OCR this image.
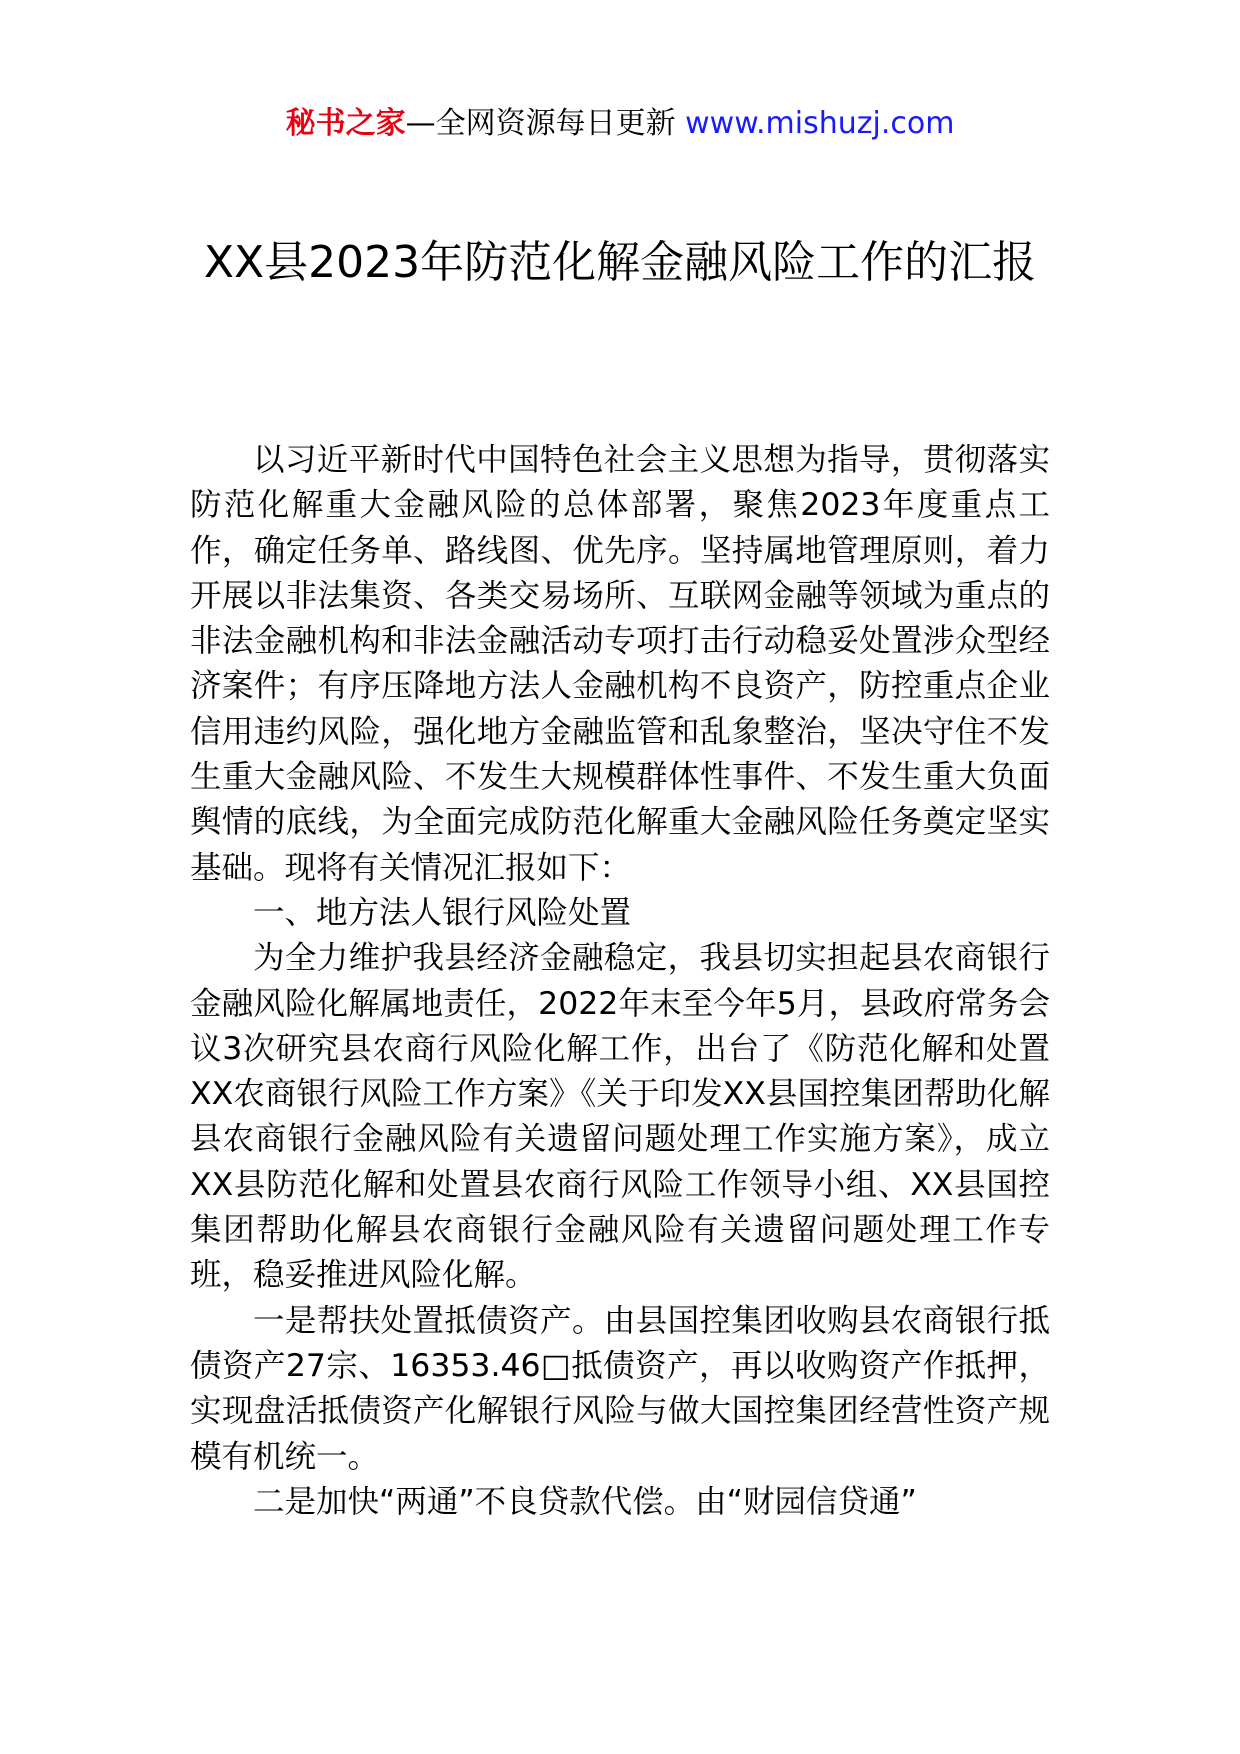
秘书之家—全网资源每日更新 www.mishuzj.com
XX县2023年防范化解金融风险工作的汇报

以习近平新时代中国特色社会主义思想为指导，贯彻落实防范化解重大金融风险的总体部署，聚焦2023年度重点工作，确定任务单、路线图、优先序。坚持属地管理原则，着力开展以非法集资、各类交易场所、互联网金融等领域为重点的非法金融机构和非法金融活动专项打击行动稳妥处置涉众型经济案件；有序压降地方法人金融机构不良资产，防控重点企业信用违约风险，强化地方金融监管和乱象整治，坚决守住不发生重大金融风险、不发生大规模群体性事件、不发生重大负面舆情的底线，为全面完成防范化解重大金融风险任务奠定坚实基础。现将有关情况汇报如下：

一、地方法人银行风险处置

为全力维护我县经济金融稳定，我县切实担起县农商银行金融风险化解属地责任，2022年末至今年5月，县政府常务会议3次研究县农商行风险化解工作，出台了《防范化解和处置XX农商银行风险工作方案》《关于印发XX县国控集团帮助化解县农商银行金融风险有关遗留问题处理工作实施方案》，成立XX县防范化解和处置县农商行风险工作领导小组、XX县国控集团帮助化解县农商银行金融风险有关遗留问题处理工作专班，稳妥推进风险化解。

一是帮扶处置抵债资产。由县国控集团收购县农商银行抵债资产27宗、16353.46□抵债资产，再以收购资产作抵押，实现盘活抵债资产化解银行风险与做大国控集团经营性资产规模有机统一。

二是加快“两通”不良贷款代偿。由“财园信贷通”
